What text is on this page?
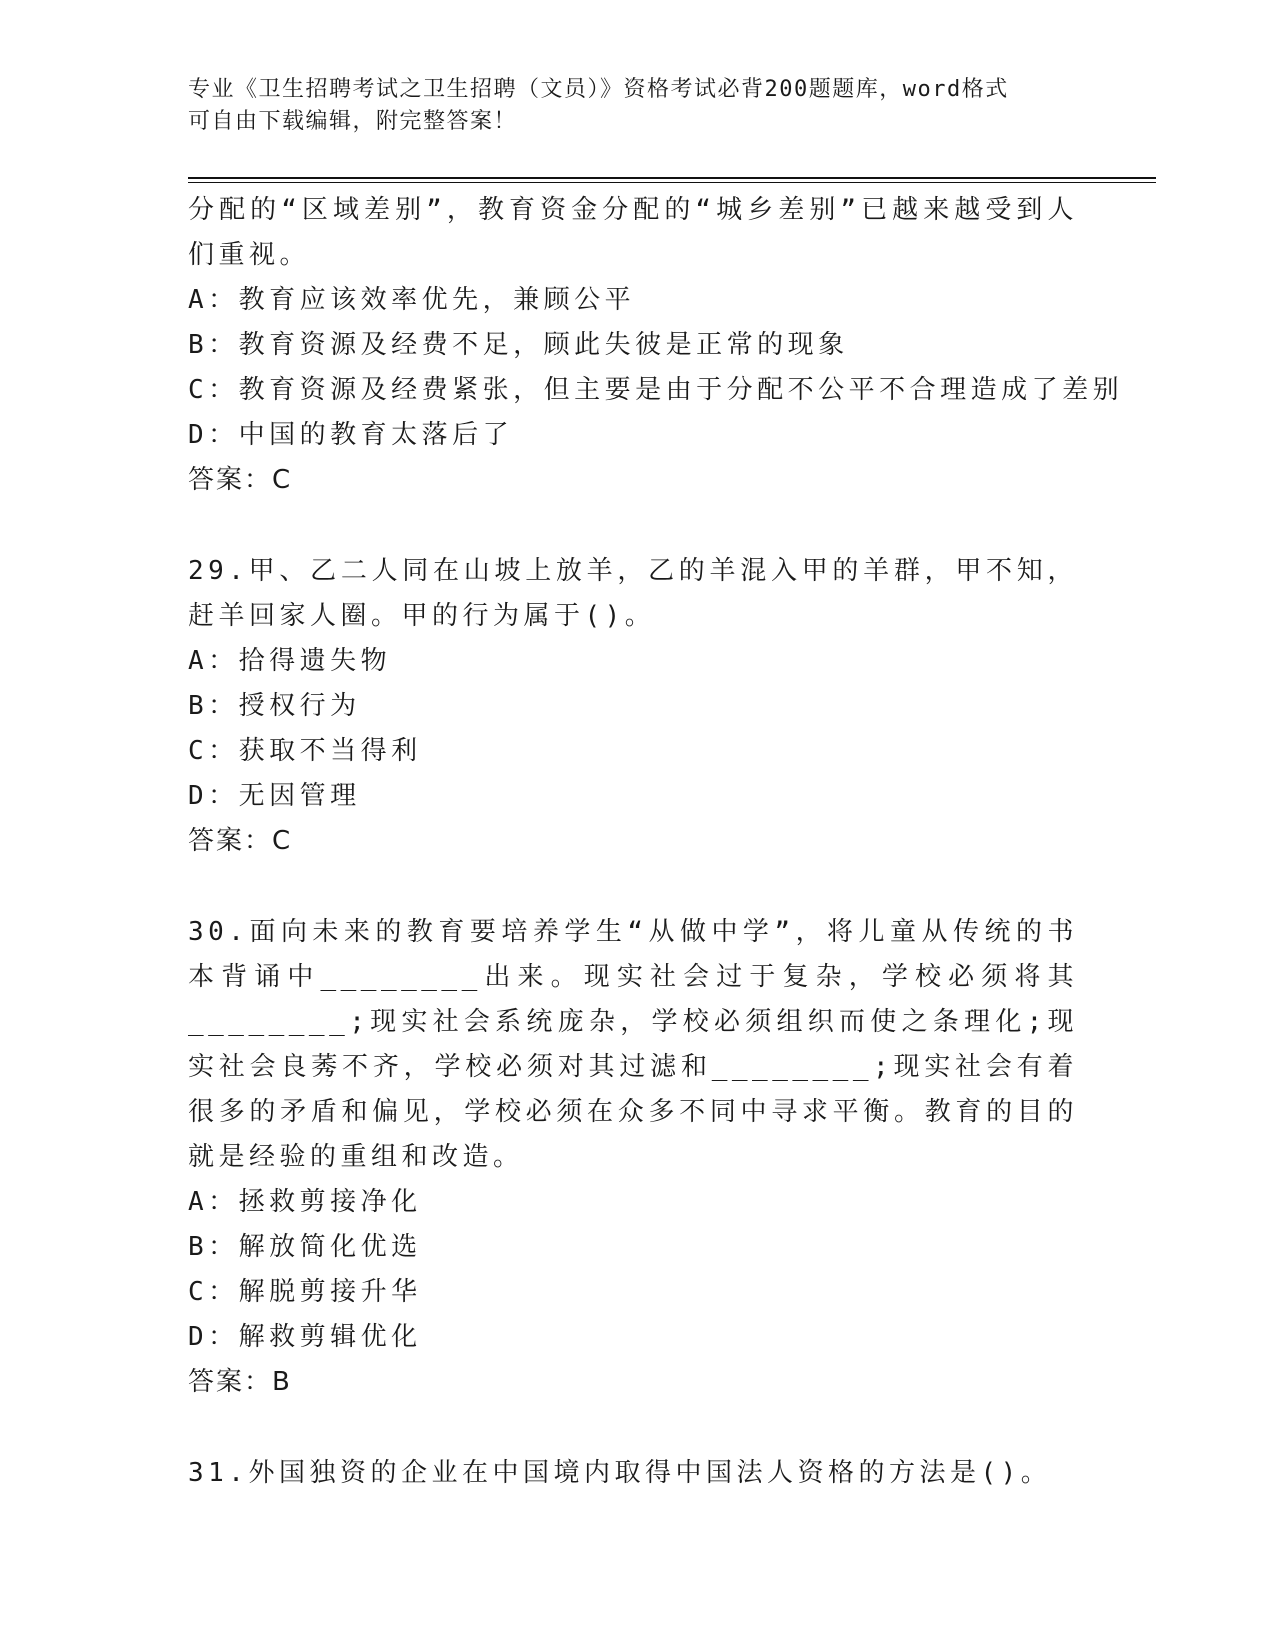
专业《卫生招聘考试之卫生招聘（文员）》资格考试必背200题题库，word格式
可自由下载编辑，附完整答案！

分配的“区域差别”，教育资金分配的“城乡差别”已越来越受到人们重视。

A：教育应该效率优先，兼顾公平

B：教育资源及经费不足，顾此失彼是正常的现象

C：教育资源及经费紧张，但主要是由于分配不公平不合理造成了差别

D：中国的教育太落后了

答案：C

29.甲、乙二人同在山坡上放羊，乙的羊混入甲的羊群，甲不知，赶羊回家人圈。甲的行为属于()。

A：拾得遗失物

B：授权行为

C：获取不当得利

D：无因管理

答案：C

30.面向未来的教育要培养学生“从做中学”，将儿童从传统的书本背诵中________出来。现实社会过于复杂，学校必须将其________;现实社会系统庞杂，学校必须组织而使之条理化;现实社会良莠不齐，学校必须对其过滤和________;现实社会有着很多的矛盾和偏见，学校必须在众多不同中寻求平衡。教育的目的就是经验的重组和改造。

A：拯救剪接净化

B：解放简化优选

C：解脱剪接升华

D：解救剪辑优化

答案：B

31.外国独资的企业在中国境内取得中国法人资格的方法是()。
